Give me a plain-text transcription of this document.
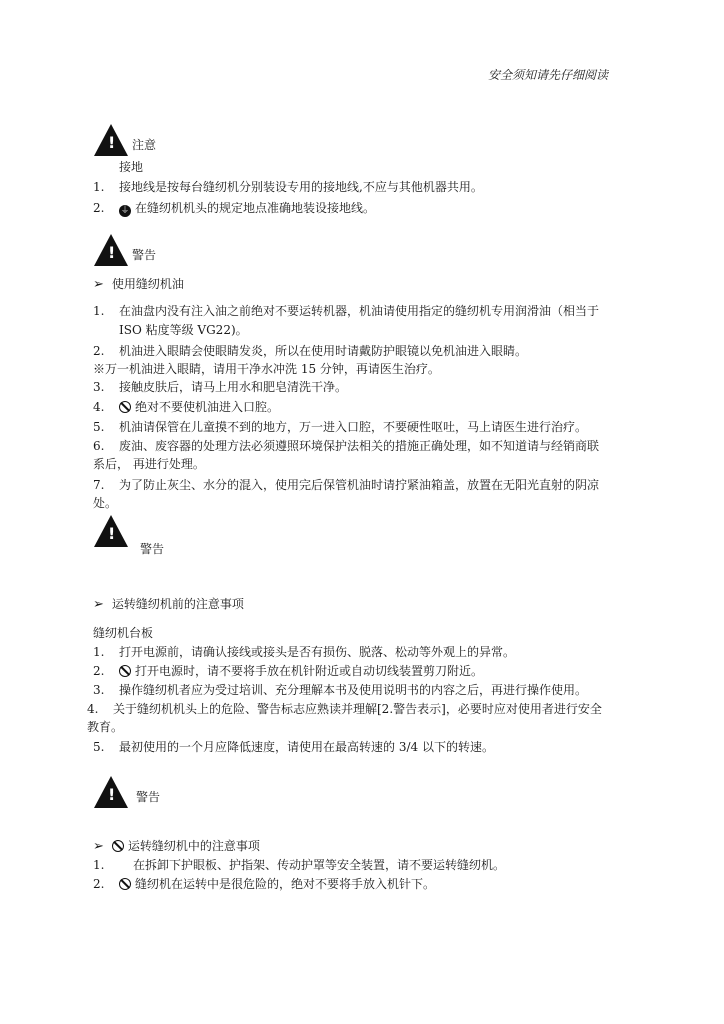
安全须知请先仔细阅读
!
注意
接地
1. 接地线是按每台缝纫机分别装设专用的接地线,不应与其他机器共用。
2. ⏚ 在缝纫机机头的规定地点准确地装设接地线。
!
警告
➢ 使用缝纫机油
1. 在油盘内没有注入油之前绝对不要运转机器，机油请使用指定的缝纫机专用润滑油（相当于
ISO 粘度等级 VG22)。
2. 机油进入眼睛会使眼睛发炎，所以在使用时请戴防护眼镜以免机油进入眼睛。
※万一机油进入眼睛，请用干净水冲洗 15 分钟，再请医生治疗。
3. 接触皮肤后，请马上用水和肥皂清洗干净。
4.	绝对不要使机油进入口腔。
5. 机油请保管在儿童摸不到的地方，万一进入口腔，不要硬性呕吐，马上请医生进行治疗。
6. 废油、废容器的处理方法必须遵照环境保护法相关的措施正确处理，如不知道请与经销商联
系后， 再进行处理。
7. 为了防止灰尘、水分的混入，使用完后保管机油时请拧紧油箱盖，放置在无阳光直射的阴凉
处。
!
警告
➢ 运转缝纫机前的注意事项
缝纫机台板
1. 打开电源前，请确认接线或接头是否有损伤、脱落、松动等外观上的异常。
2.	打开电源时，请不要将手放在机针附近或自动切线装置剪刀附近。
3. 操作缝纫机者应为受过培训、充分理解本书及使用说明书的内容之后，再进行操作使用。
4. 关于缝纫机机头上的危险、警告标志应熟读并理解[2.警告表示]，必要时应对使用者进行安全
教育。
5. 最初使用的一个月应降低速度，请使用在最高转速的 3/4 以下的转速。
!
警告
➢ 运转缝纫机中的注意事项
1. 在拆卸下护眼板、护指架、传动护罩等安全装置，请不要运转缝纫机。
2.	缝纫机在运转中是很危险的，绝对不要将手放入机针下。
